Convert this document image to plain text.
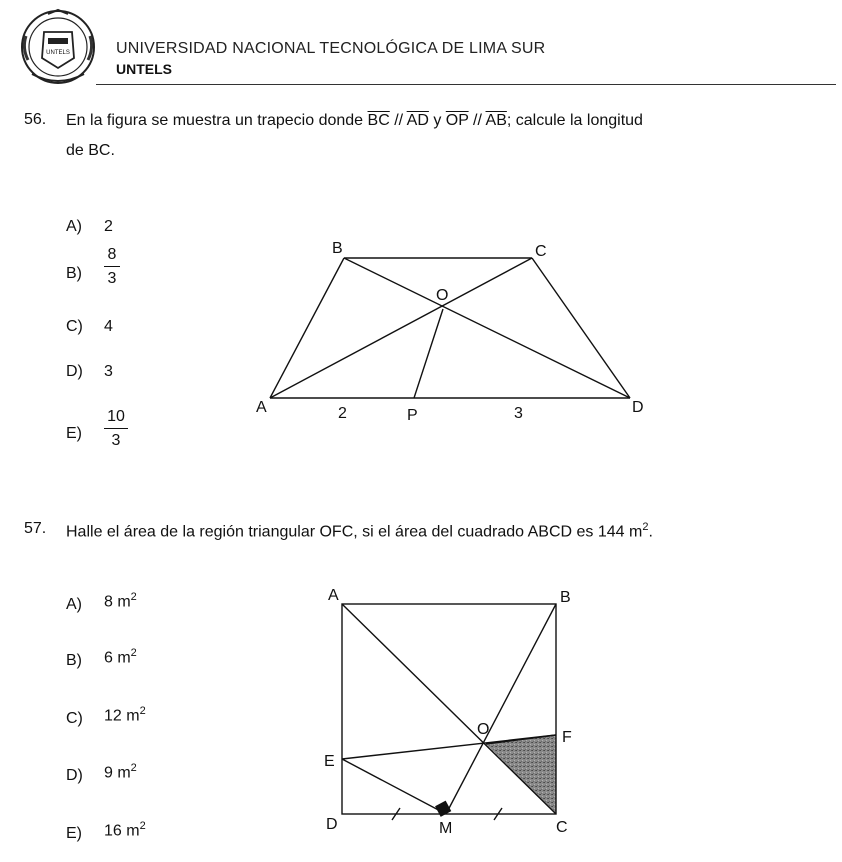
UNTELS	UNIVERSIDAD NACIONAL TECNOLÓGICA DE LIMA SUR
UNTELS
56. En la figura se muestra un trapecio donde $\overline{BC} // \overline{AD}$ y $\overline{OP} // \overline{AB}$; calcule la longitud
de BC.
A) 2
B)
8
3
C) 4
D) 3
E)
10
3
B	C
O
A	P	D
2	3
57. Halle el área de la región triangular OFC, si el área del cuadrado ABCD es 144 $m^2$.
A) 8 $m^2$
B) 6 $m^2$
C) 12 $m^2$
D) 9 $m^2$
E) 16 $m^2$
A	B
O	F
E
D	M	C
